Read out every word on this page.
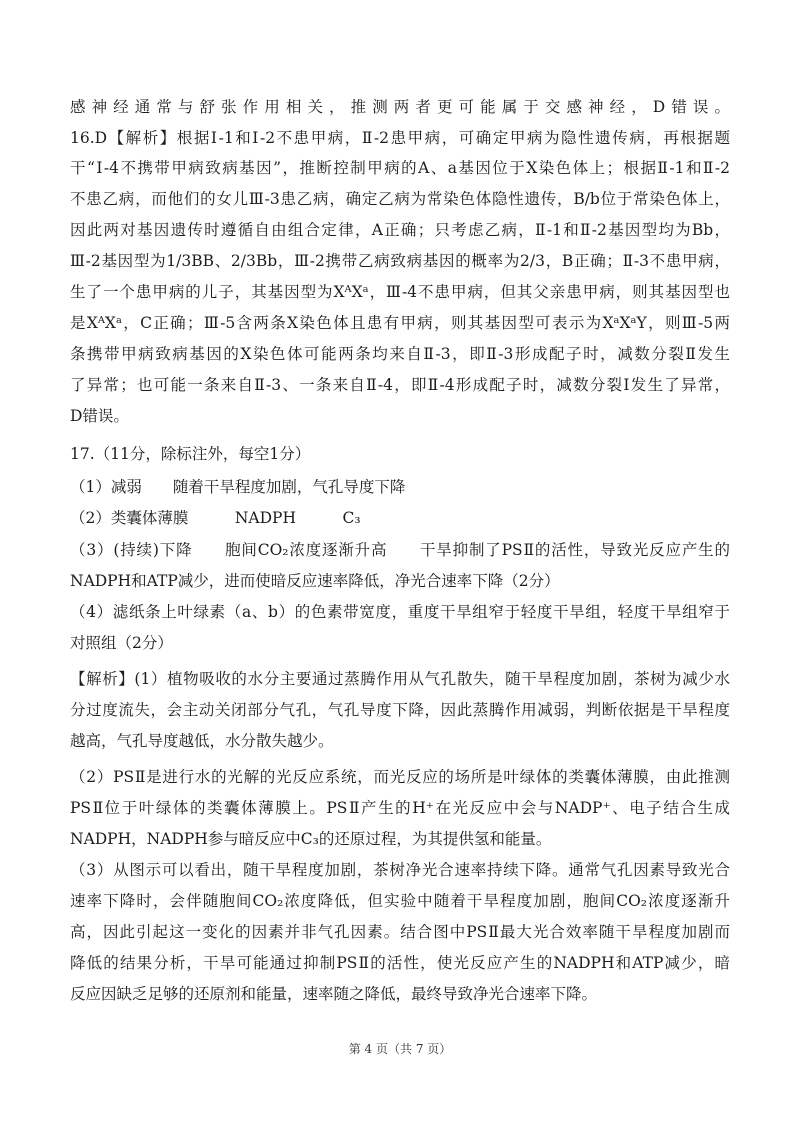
感神经通常与舒张作用相关，推测两者更可能属于交感神经，D错误。
16.D【解析】根据Ⅰ-1和Ⅰ-2不患甲病，Ⅱ-2患甲病，可确定甲病为隐性遗传病，再根据题
干“Ⅰ-4不携带甲病致病基因”，推断控制甲病的A、a基因位于X染色体上；根据Ⅱ-1和Ⅱ-2
不患乙病，而他们的女儿Ⅲ-3患乙病，确定乙病为常染色体隐性遗传，B/b位于常染色体上，
因此两对基因遗传时遵循自由组合定律，A正确；只考虑乙病，Ⅱ-1和Ⅱ-2基因型均为Bb，
Ⅲ-2基因型为1/3BB、2/3Bb，Ⅲ-2携带乙病致病基因的概率为2/3，B正确；Ⅱ-3不患甲病，
生了一个患甲病的儿子，其基因型为XᴬXᵃ，Ⅲ-4不患甲病，但其父亲患甲病，则其基因型也
是XᴬXᵃ，C正确；Ⅲ-5含两条X染色体且患有甲病，则其基因型可表示为XᵃXᵃY，则Ⅲ-5两
条携带甲病致病基因的X染色体可能两条均来自Ⅱ-3，即Ⅱ-3形成配子时，减数分裂Ⅱ发生
了异常；也可能一条来自Ⅱ-3、一条来自Ⅱ-4，即Ⅱ-4形成配子时，减数分裂Ⅰ发生了异常，
D错误。
17.（11分，除标注外，每空1分）
（1）减弱　　随着干旱程度加剧，气孔导度下降
（2）类囊体薄膜　　　NADPH　　　C₃
（3）(持续)下降　　胞间CO₂浓度逐渐升高　　干旱抑制了PSⅡ的活性，导致光反应产生的
NADPH和ATP减少，进而使暗反应速率降低，净光合速率下降（2分）
（4）滤纸条上叶绿素（a、b）的色素带宽度，重度干旱组窄于轻度干旱组，轻度干旱组窄于
对照组（2分）
【解析】(1）植物吸收的水分主要通过蒸腾作用从气孔散失，随干旱程度加剧，茶树为减少水
分过度流失，会主动关闭部分气孔，气孔导度下降，因此蒸腾作用减弱，判断依据是干旱程度
越高，气孔导度越低，水分散失越少。
（2）PSⅡ是进行水的光解的光反应系统，而光反应的场所是叶绿体的类囊体薄膜，由此推测
PSⅡ位于叶绿体的类囊体薄膜上。PSⅡ产生的H⁺在光反应中会与NADP⁺、电子结合生成
NADPH，NADPH参与暗反应中C₃的还原过程，为其提供氢和能量。
（3）从图示可以看出，随干旱程度加剧，茶树净光合速率持续下降。通常气孔因素导致光合
速率下降时，会伴随胞间CO₂浓度降低，但实验中随着干旱程度加剧，胞间CO₂浓度逐渐升
高，因此引起这一变化的因素并非气孔因素。结合图中PSⅡ最大光合效率随干旱程度加剧而
降低的结果分析，干旱可能通过抑制PSⅡ的活性，使光反应产生的NADPH和ATP减少，暗
反应因缺乏足够的还原剂和能量，速率随之降低，最终导致净光合速率下降。
第 4 页（共 7 页）
